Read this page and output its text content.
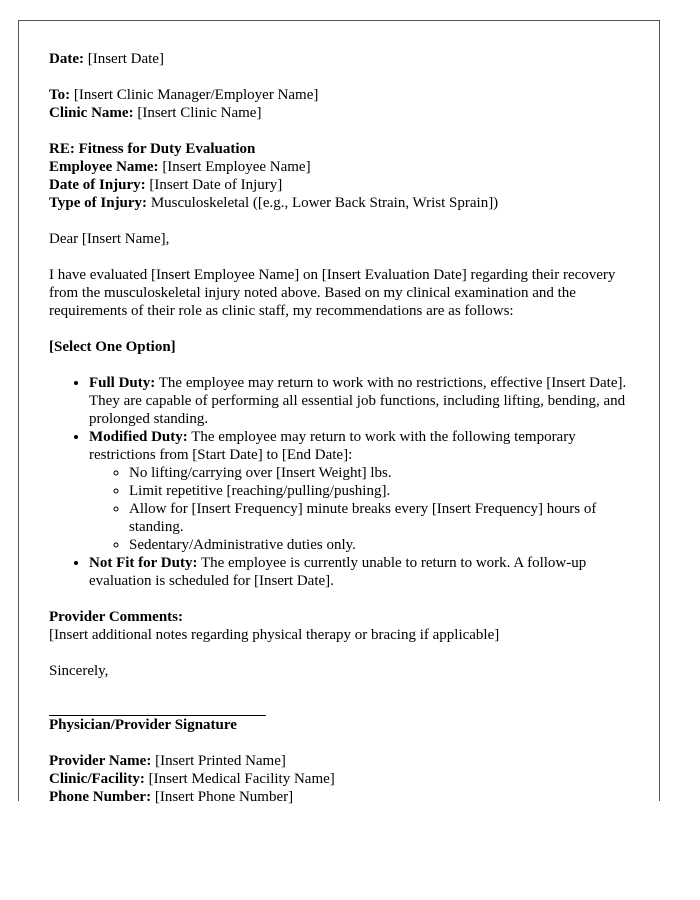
Date: [Insert Date]
To: [Insert Clinic Manager/Employer Name]
Clinic Name: [Insert Clinic Name]
RE: Fitness for Duty Evaluation
Employee Name: [Insert Employee Name]
Date of Injury: [Insert Date of Injury]
Type of Injury: Musculoskeletal ([e.g., Lower Back Strain, Wrist Sprain])
Dear [Insert Name],
I have evaluated [Insert Employee Name] on [Insert Evaluation Date] regarding their recovery from the musculoskeletal injury noted above. Based on my clinical examination and the requirements of their role as clinic staff, my recommendations are as follows:
[Select One Option]
• Full Duty: The employee may return to work with no restrictions, effective [Insert Date]. They are capable of performing all essential job functions, including lifting, bending, and prolonged standing.
• Modified Duty: The employee may return to work with the following temporary restrictions from [Start Date] to [End Date]:
◦ No lifting/carrying over [Insert Weight] lbs.
◦ Limit repetitive [reaching/pulling/pushing].
◦ Allow for [Insert Frequency] minute breaks every [Insert Frequency] hours of standing.
◦ Sedentary/Administrative duties only.
• Not Fit for Duty: The employee is currently unable to return to work. A follow-up evaluation is scheduled for [Insert Date].
Provider Comments:
[Insert additional notes regarding physical therapy or bracing if applicable]
Sincerely,
Physician/Provider Signature
Provider Name: [Insert Printed Name]
Clinic/Facility: [Insert Medical Facility Name]
Phone Number: [Insert Phone Number]
